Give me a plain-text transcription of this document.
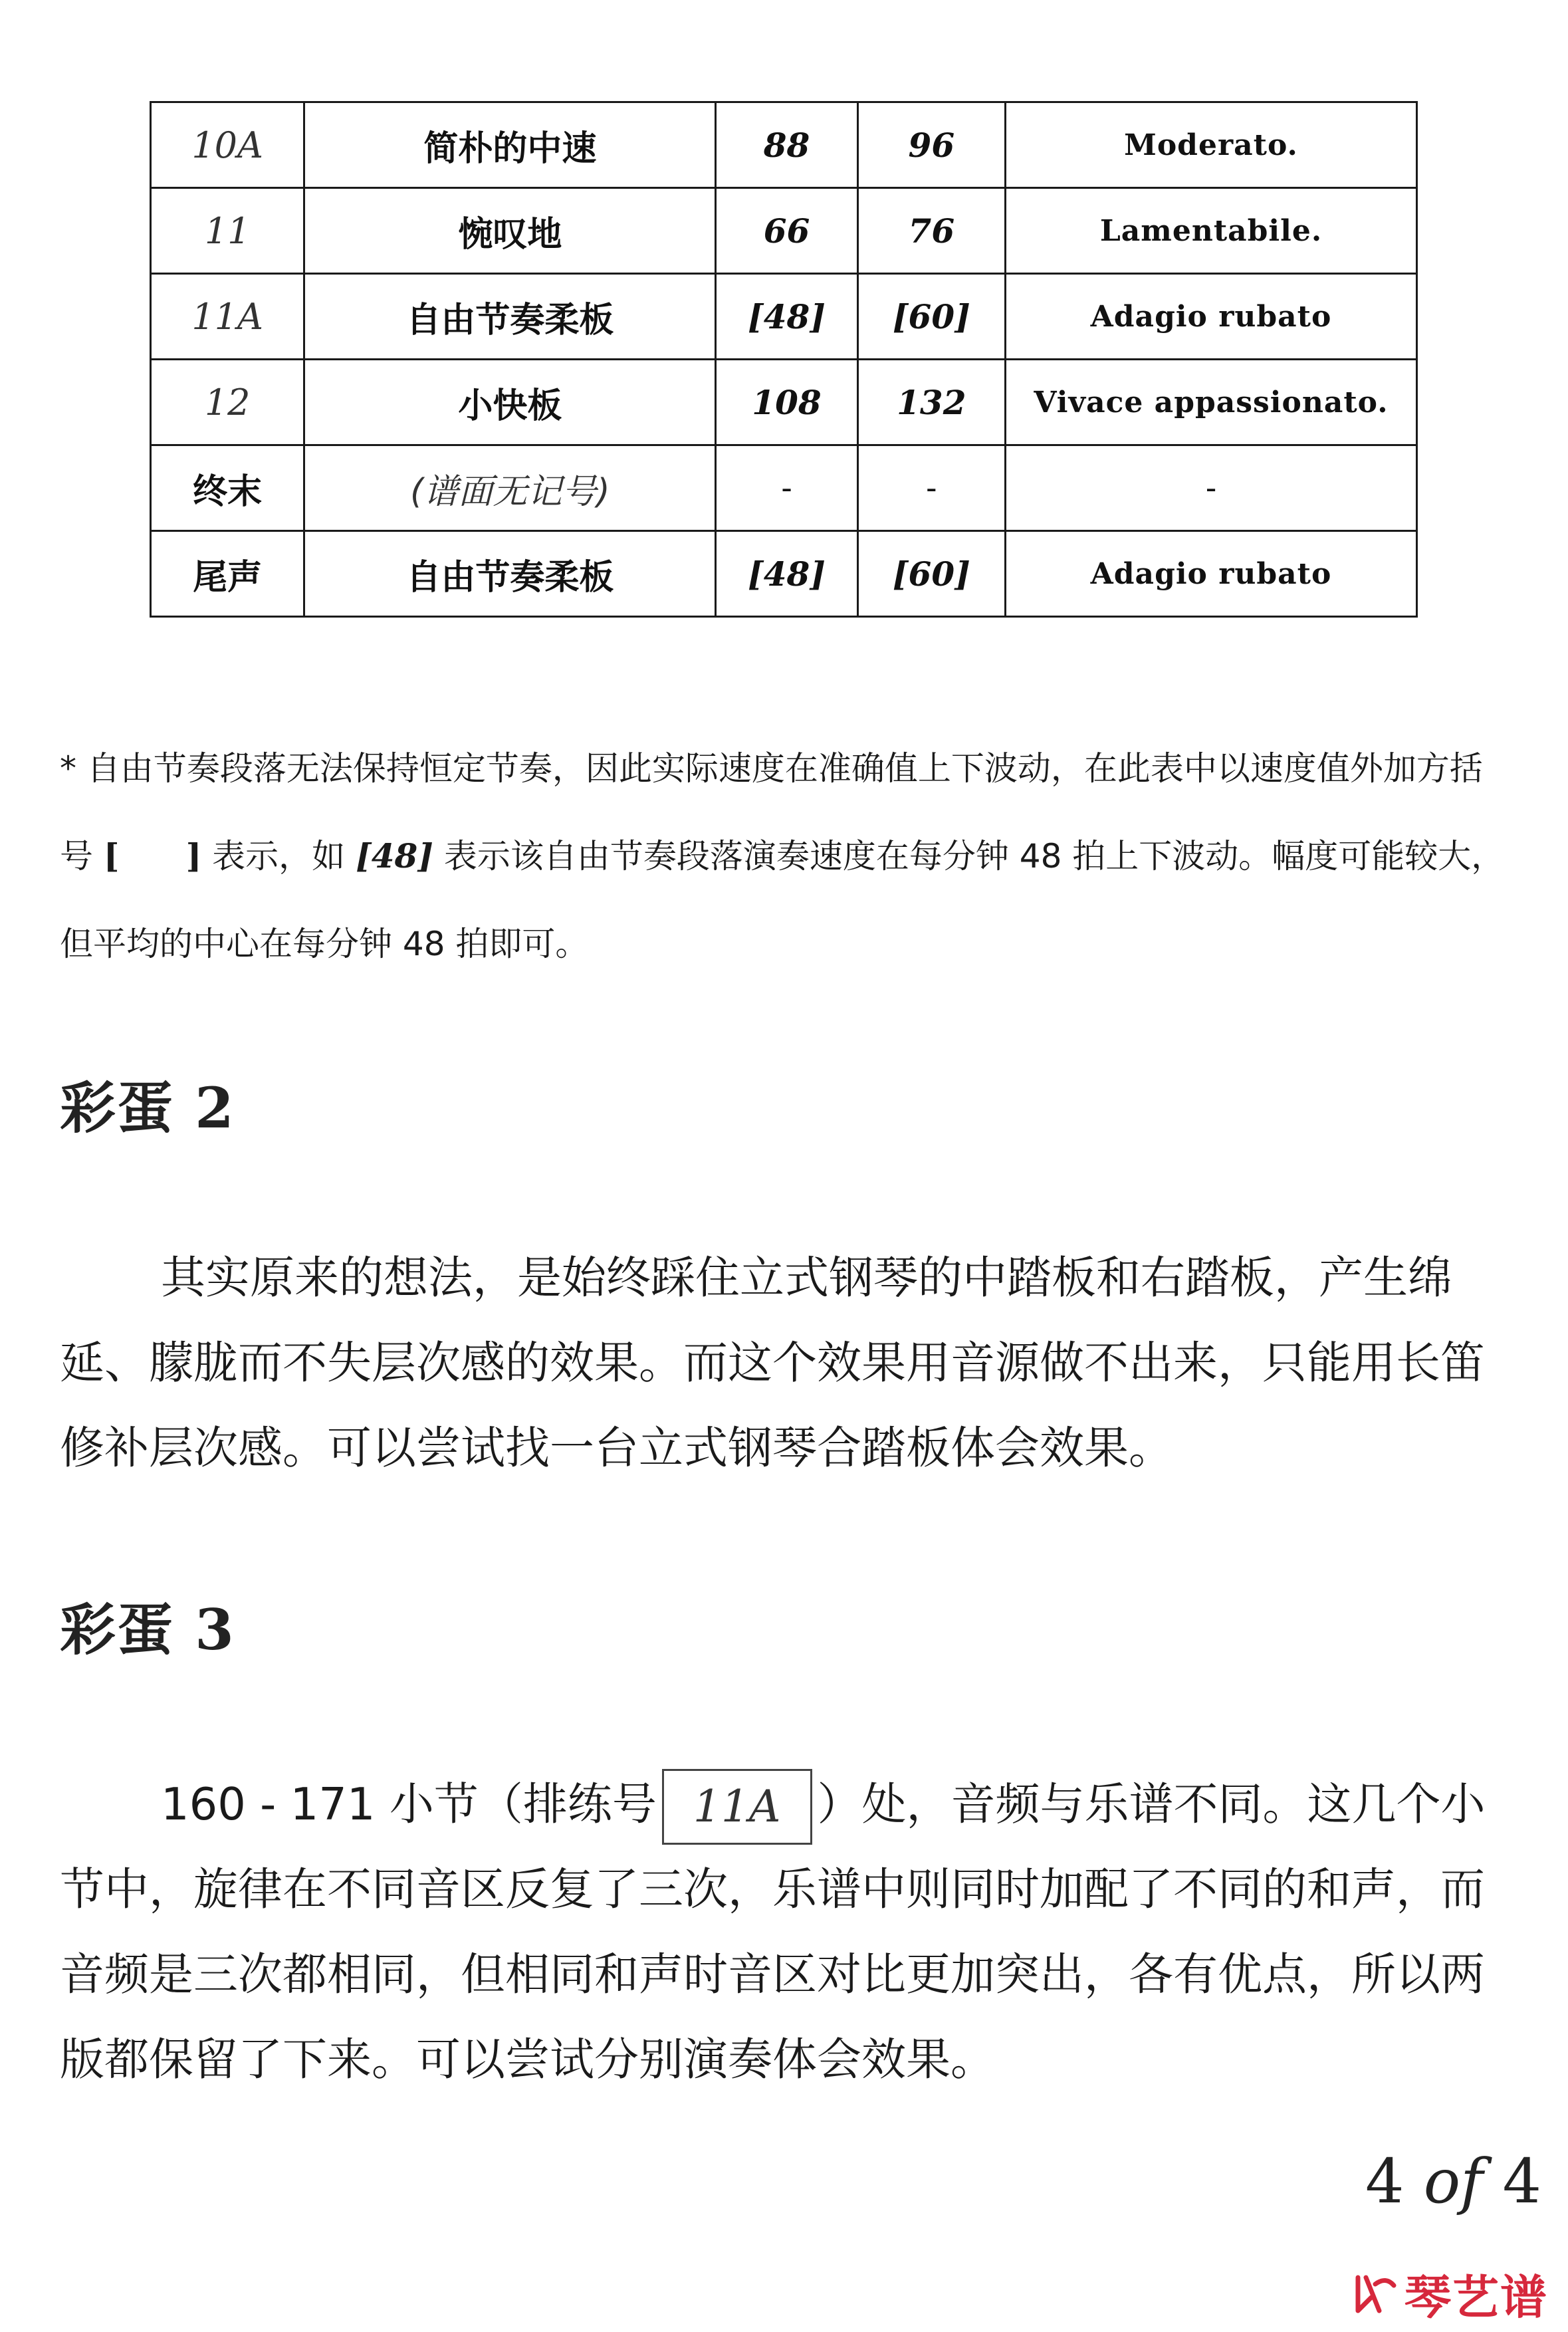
10A	简朴的中速	88	96	Moderato.
11	惋叹地	66	76	Lamentabile.
11A	自由节奏柔板	[48]	[60]	Adagio rubato
12	小快板	108	132	Vivace appassionato.
终末	(谱面无记号)	-	-	-
尾声	自由节奏柔板	[48]	[60]	Adagio rubato

* 自由节奏段落无法保持恒定节奏，因此实际速度在准确值上下波动，在此表中以速度值外加方括号 [   ] 表示，如 [48] 表示该自由节奏段落演奏速度在每分钟 48 拍上下波动。幅度可能较大，但平均的中心在每分钟 48 拍即可。

彩蛋 2

其实原来的想法，是始终踩住立式钢琴的中踏板和右踏板，产生绵延、朦胧而不失层次感的效果。而这个效果用音源做不出来，只能用长笛修补层次感。可以尝试找一台立式钢琴合踏板体会效果。

彩蛋 3

160 - 171 小节（排练号 11A ）处，音频与乐谱不同。这几个小节中，旋律在不同音区反复了三次，乐谱中则同时加配了不同的和声，而音频是三次都相同，但相同和声时音区对比更加突出，各有优点，所以两版都保留了下来。可以尝试分别演奏体会效果。

4 of 4
琴艺谱
